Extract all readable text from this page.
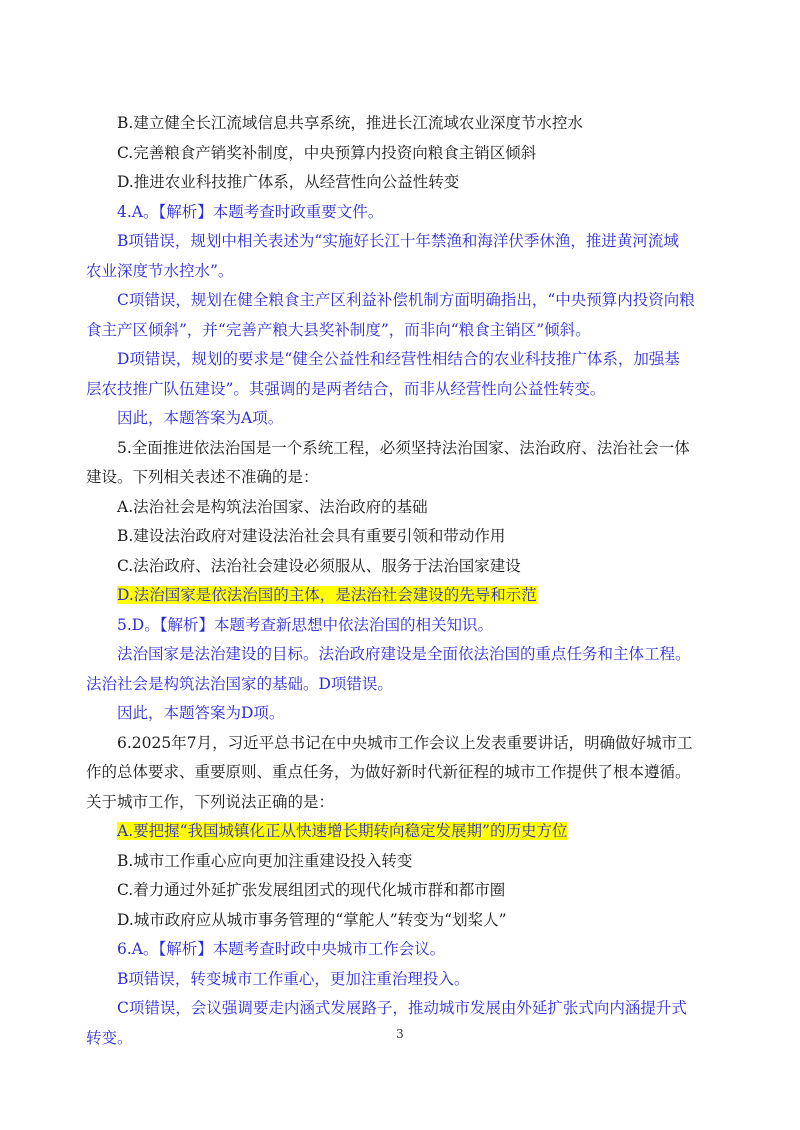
B.建立健全长江流域信息共享系统，推进长江流域农业深度节水控水
C.完善粮食产销奖补制度，中央预算内投资向粮食主销区倾斜
D.推进农业科技推广体系，从经营性向公益性转变
4.A。【解析】本题考查时政重要文件。
B项错误，规划中相关表述为“实施好长江十年禁渔和海洋伏季休渔，推进黄河流域
农业深度节水控水”。
C项错误，规划在健全粮食主产区利益补偿机制方面明确指出，“中央预算内投资向粮
食主产区倾斜”，并“完善产粮大县奖补制度”，而非向“粮食主销区”倾斜。
D项错误，规划的要求是“健全公益性和经营性相结合的农业科技推广体系，加强基
层农技推广队伍建设”。其强调的是两者结合，而非从经营性向公益性转变。
因此，本题答案为A项。
5.全面推进依法治国是一个系统工程，必须坚持法治国家、法治政府、法治社会一体
建设。下列相关表述不准确的是：
A.法治社会是构筑法治国家、法治政府的基础
B.建设法治政府对建设法治社会具有重要引领和带动作用
C.法治政府、法治社会建设必须服从、服务于法治国家建设
D.法治国家是依法治国的主体，是法治社会建设的先导和示范
5.D。【解析】本题考查新思想中依法治国的相关知识。
法治国家是法治建设的目标。法治政府建设是全面依法治国的重点任务和主体工程。
法治社会是构筑法治国家的基础。D项错误。
因此，本题答案为D项。
6.2025年7月，习近平总书记在中央城市工作会议上发表重要讲话，明确做好城市工
作的总体要求、重要原则、重点任务，为做好新时代新征程的城市工作提供了根本遵循。
关于城市工作，下列说法正确的是：
A.要把握“我国城镇化正从快速增长期转向稳定发展期”的历史方位
B.城市工作重心应向更加注重建设投入转变
C.着力通过外延扩张发展组团式的现代化城市群和都市圈
D.城市政府应从城市事务管理的“掌舵人”转变为“划桨人”
6.A。【解析】本题考查时政中央城市工作会议。
B项错误，转变城市工作重心，更加注重治理投入。
C项错误，会议强调要走内涵式发展路子，推动城市发展由外延扩张式向内涵提升式
转变。	3
